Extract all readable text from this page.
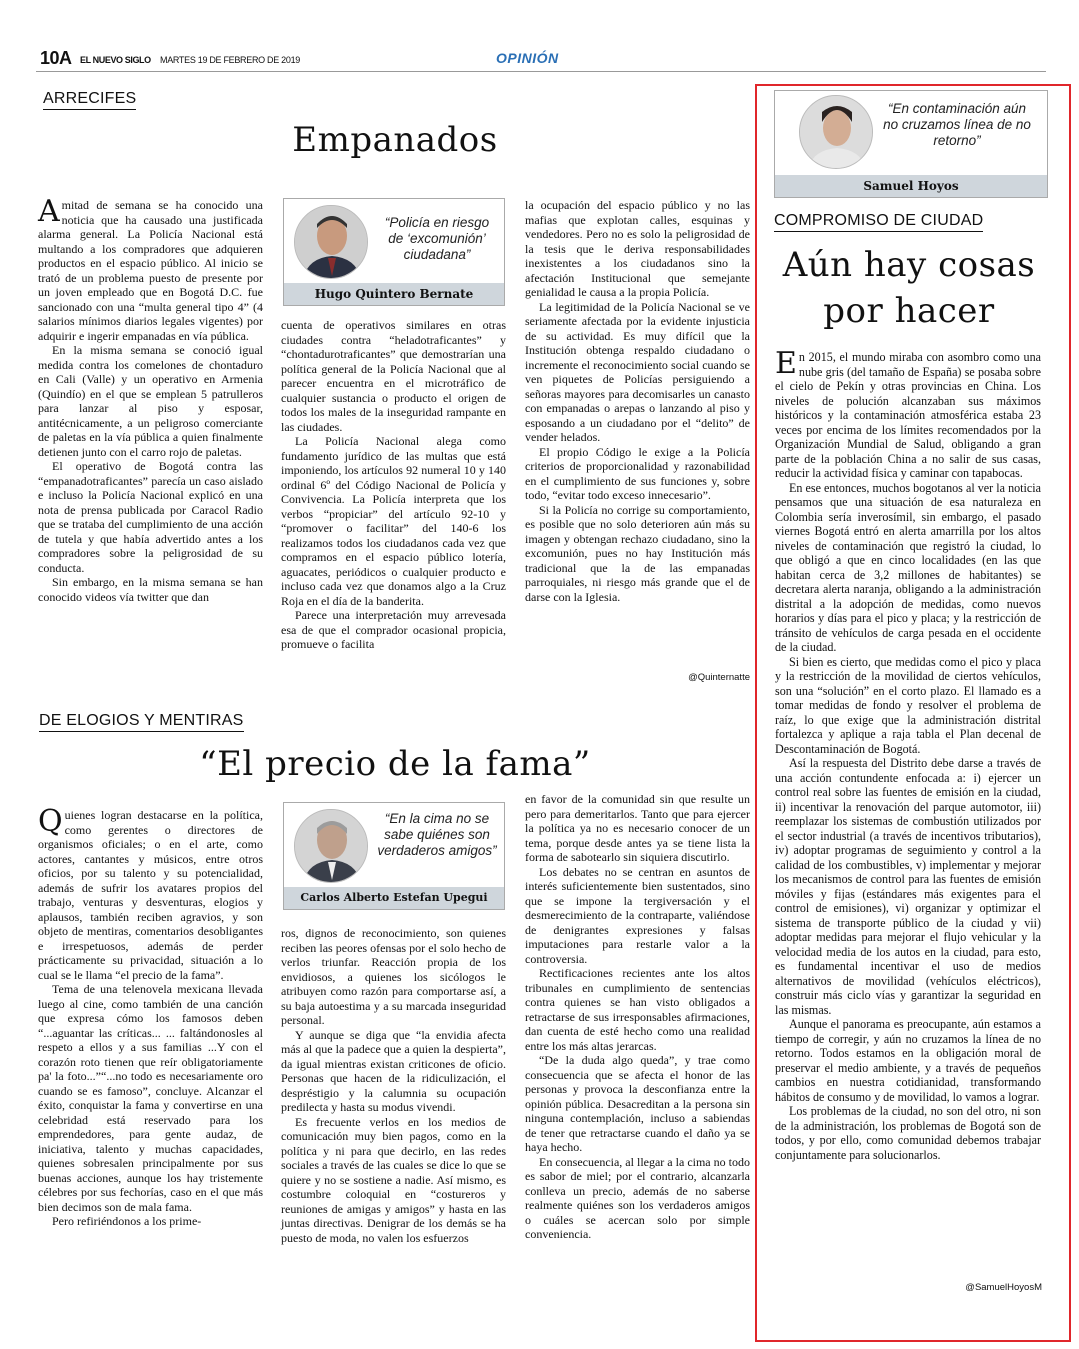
10A EL NUEVO SIGLO MARTES 19 DE FEBRERO DE 2019	OPINIÓN
ARRECIFES
Empanados

Amitad de semana se ha conocido una noticia que ha causado una justificada alarma general. La Policía Nacional está multando a los compradores que adquieren productos en el espacio público. Al inicio se trató de un problema puesto de presente por un joven empleado que en Bogotá D.C. fue sancionado con una “multa general tipo 4” (4 salarios mínimos diarios legales vigentes) por adquirir e ingerir empanadas en vía pública.

En la misma semana se conoció igual medida contra los comelones de chontaduro en Cali (Valle) y un operativo en Armenia (Quindío) en el que se emplean 5 patrulleros para lanzar al piso y esposar, antitécnicamente, a un peligroso comerciante de paletas en la vía pública a quien finalmente detienen junto con el carro rojo de paletas.

El operativo de Bogotá contra las “empanadotraficantes” parecía un caso aislado e incluso la Policía Nacional explicó en una nota de prensa publicada por Caracol Radio que se trataba del cumplimiento de una acción de tutela y que había advertido antes a los compradores sobre la peligrosidad de su conducta.

Sin embargo, en la misma semana se han conocido videos vía twitter que dan

“Policía en riesgo de ‘excomunión’ ciudadana”
Hugo Quintero Bernate

cuenta de operativos similares en otras ciudades contra “heladotraficantes” y “chontadurotraficantes” que demostrarían una política general de la Policía Nacional que al parecer encuentra en el microtráfico de cualquier sustancia o producto el origen de todos los males de la inseguridad rampante en las ciudades.

La Policía Nacional alega como fundamento jurídico de las multas que está imponiendo, los artículos 92 numeral 10 y 140 ordinal 6º del Código Nacional de Policía y Convivencia. La Policía interpreta que los verbos “propiciar” del artículo 92-10 y “promover o facilitar” del 140-6 los realizamos todos los ciudadanos cada vez que compramos en el espacio público lotería, aguacates, periódicos o cualquier producto e incluso cada vez que donamos algo a la Cruz Roja en el día de la banderita.

Parece una interpretación muy arrevesada esa de que el comprador ocasional propicia, promueve o facilita

la ocupación del espacio público y no las mafias que explotan calles, esquinas y vendedores. Pero no es solo la peligrosidad de la tesis que le deriva responsabilidades inexistentes a los ciudadanos sino la afectación Institucional que semejante genialidad le causa a la propia Policía.

La legitimidad de la Policía Nacional se ve seriamente afectada por la evidente injusticia de su actividad. Es muy difícil que la Institución obtenga respaldo ciudadano o incremente el reconocimiento social cuando se ven piquetes de Policías persiguiendo a señoras mayores para decomisarles un canasto con empanadas o arepas o lanzando al piso y esposando a un ciudadano por el “delito” de vender helados.

El propio Código le exige a la Policía criterios de proporcionalidad y razonabilidad en el cumplimiento de sus funciones y, sobre todo, “evitar todo exceso innecesario”.

Si la Policía no corrige su comportamiento, es posible que no solo deterioren aún más su imagen y obtengan rechazo ciudadano, sino la excomunión, pues no hay Institución más tradicional que la de las empanadas parroquiales, ni riesgo más grande que el de darse con la Iglesia.

@Quinternatte
DE ELOGIOS Y MENTIRAS
“El precio de la fama”

Quienes logran destacarse en la política, como gerentes o directores de organismos oficiales; o en el arte, como actores, cantantes y músicos, entre otros oficios, por su talento y su potencialidad, además de sufrir los avatares propios del trabajo, venturas y desventuras, elogios y aplausos, también reciben agravios, y son objeto de mentiras, comentarios desobligantes e irrespetuosos, además de perder prácticamente su privacidad, situación a lo cual se le llama “el precio de la fama”.

Tema de una telenovela mexicana llevada luego al cine, como también de una canción que expresa cómo los famosos deben “...aguantar las críticas... ... faltándonosles al respeto a ellos y a sus familias ...Y con el corazón roto tienen que reír obligatoriamente pa' la foto...”“...no todo es necesariamente oro cuando se es famoso”, concluye. Alcanzar el éxito, conquistar la fama y convertirse en una celebridad está reservado para los emprendedores, para gente audaz, de iniciativa, talento y muchas capacidades, quienes sobresalen principalmente por sus buenas acciones, aunque los hay tristemente célebres por sus fechorías, caso en el que más bien decimos son de mala fama.

Pero refiriéndonos a los prime-

“En la cima no se sabe quiénes son verdaderos amigos”
Carlos Alberto Estefan Upegui

ros, dignos de reconocimiento, son quienes reciben las peores ofensas por el solo hecho de verlos triunfar. Reacción propia de los envidiosos, a quienes los sicólogos le atribuyen como razón para comportarse así, a su baja autoestima y a su marcada inseguridad personal.

Y aunque se diga que “la envidia afecta más al que la padece que a quien la despierta”, da igual mientras existan criticones de oficio. Personas que hacen de la ridiculización, el despréstigio y la calumnia su ocupación predilecta y hasta su modus vivendi.

Es frecuente verlos en los medios de comunicación muy bien pagos, como en la política y ni para que decirlo, en las redes sociales a través de las cuales se dice lo que se quiere y no se sostiene a nadie. Así mismo, es costumbre coloquial en “costureros y reuniones de amigas y amigos” y hasta en las juntas directivas. Denigrar de los demás se ha puesto de moda, no valen los esfuerzos

en favor de la comunidad sin que resulte un pero para demeritarlos. Tanto que para ejercer la política ya no es necesario conocer de un tema, porque desde antes ya se tiene lista la forma de sabotearlo sin siquiera discutirlo.

Los debates no se centran en asuntos de interés suficientemente bien sustentados, sino que se impone la tergiversación y el desmerecimiento de la contraparte, valiéndose de denigrantes expresiones y falsas imputaciones para restarle valor a la controversia.

Rectificaciones recientes ante los altos tribunales en cumplimiento de sentencias contra quienes se han visto obligados a retractarse de sus irresponsables afirmaciones, dan cuenta de esté hecho como una realidad entre los más altas jerarcas.

“De la duda algo queda”, y trae como consecuencia que se afecta el honor de las personas y provoca la desconfianza entre la opinión pública. Desacreditan a la persona sin ninguna contemplación, incluso a sabiendas de tener que retractarse cuando el daño ya se haya hecho.

En consecuencia, al llegar a la cima no todo es sabor de miel; por el contrario, alcanzarla conlleva un precio, además de no saberse realmente quiénes son los verdaderos amigos o cuáles se acercan solo por simple conveniencia.

“En contaminación aún no cruzamos línea de no retorno”
Samuel Hoyos
COMPROMISO DE CIUDAD
Aún hay cosas por hacer

En 2015, el mundo miraba con asombro como una nube gris (del tamaño de España) se posaba sobre el cielo de Pekín y otras provincias en China. Los niveles de polución alcanzaban sus máximos históricos y la contaminación atmosférica estaba 23 veces por encima de los límites recomendados por la Organización Mundial de Salud, obligando a gran parte de la población China a no salir de sus casas, reducir la actividad física y caminar con tapabocas.

En ese entonces, muchos bogotanos al ver la noticia pensamos que una situación de esa naturaleza en Colombia sería inverosímil, sin embargo, el pasado viernes Bogotá entró en alerta amarrilla por los altos niveles de contaminación que registró la ciudad, lo que obligó a que en cinco localidades (en las que habitan cerca de 3,2 millones de habitantes) se decretara alerta naranja, obligando a la administración distrital a la adopción de medidas, como nuevos horarios y días para el pico y placa; y la restricción de tránsito de vehículos de carga pesada en el occidente de la ciudad.

Si bien es cierto, que medidas como el pico y placa y la restricción de la movilidad de ciertos vehículos, son una “solución” en el corto plazo. El llamado es a tomar medidas de fondo y resolver el problema de raíz, lo que exige que la administración distrital fortalezca y aplique a raja tabla el Plan decenal de Descontaminación de Bogotá.

Así la respuesta del Distrito debe darse a través de una acción contundente enfocada a: i) ejercer un control real sobre las fuentes de emisión en la ciudad, ii) incentivar la renovación del parque automotor, iii) reemplazar los sistemas de combustión utilizados por el sector industrial (a través de incentivos tributarios), iv) adoptar programas de seguimiento y control a la calidad de los combustibles, v) implementar y mejorar los mecanismos de control para las fuentes de emisión móviles y fijas (estándares más exigentes para el control de emisiones), vi) organizar y optimizar el sistema de transporte público de la ciudad y vii) adoptar medidas para mejorar el flujo vehicular y la velocidad media de los autos en la ciudad, para esto, es fundamental incentivar el uso de medios alternativos de movilidad (vehículos eléctricos), construir más ciclo vías y garantizar la seguridad en las mismas.

Aunque el panorama es preocupante, aún estamos a tiempo de corregir, y aún no cruzamos la línea de no retorno. Todos estamos en la obligación moral de preservar el medio ambiente, y a través de pequeños cambios en nuestra cotidianidad, transformando hábitos de consumo y de movilidad, lo vamos a lograr.

Los problemas de la ciudad, no son del otro, ni son de la administración, los problemas de Bogotá son de todos, y por ello, como comunidad debemos trabajar conjuntamente para solucionarlos.

@SamuelHoyosM
